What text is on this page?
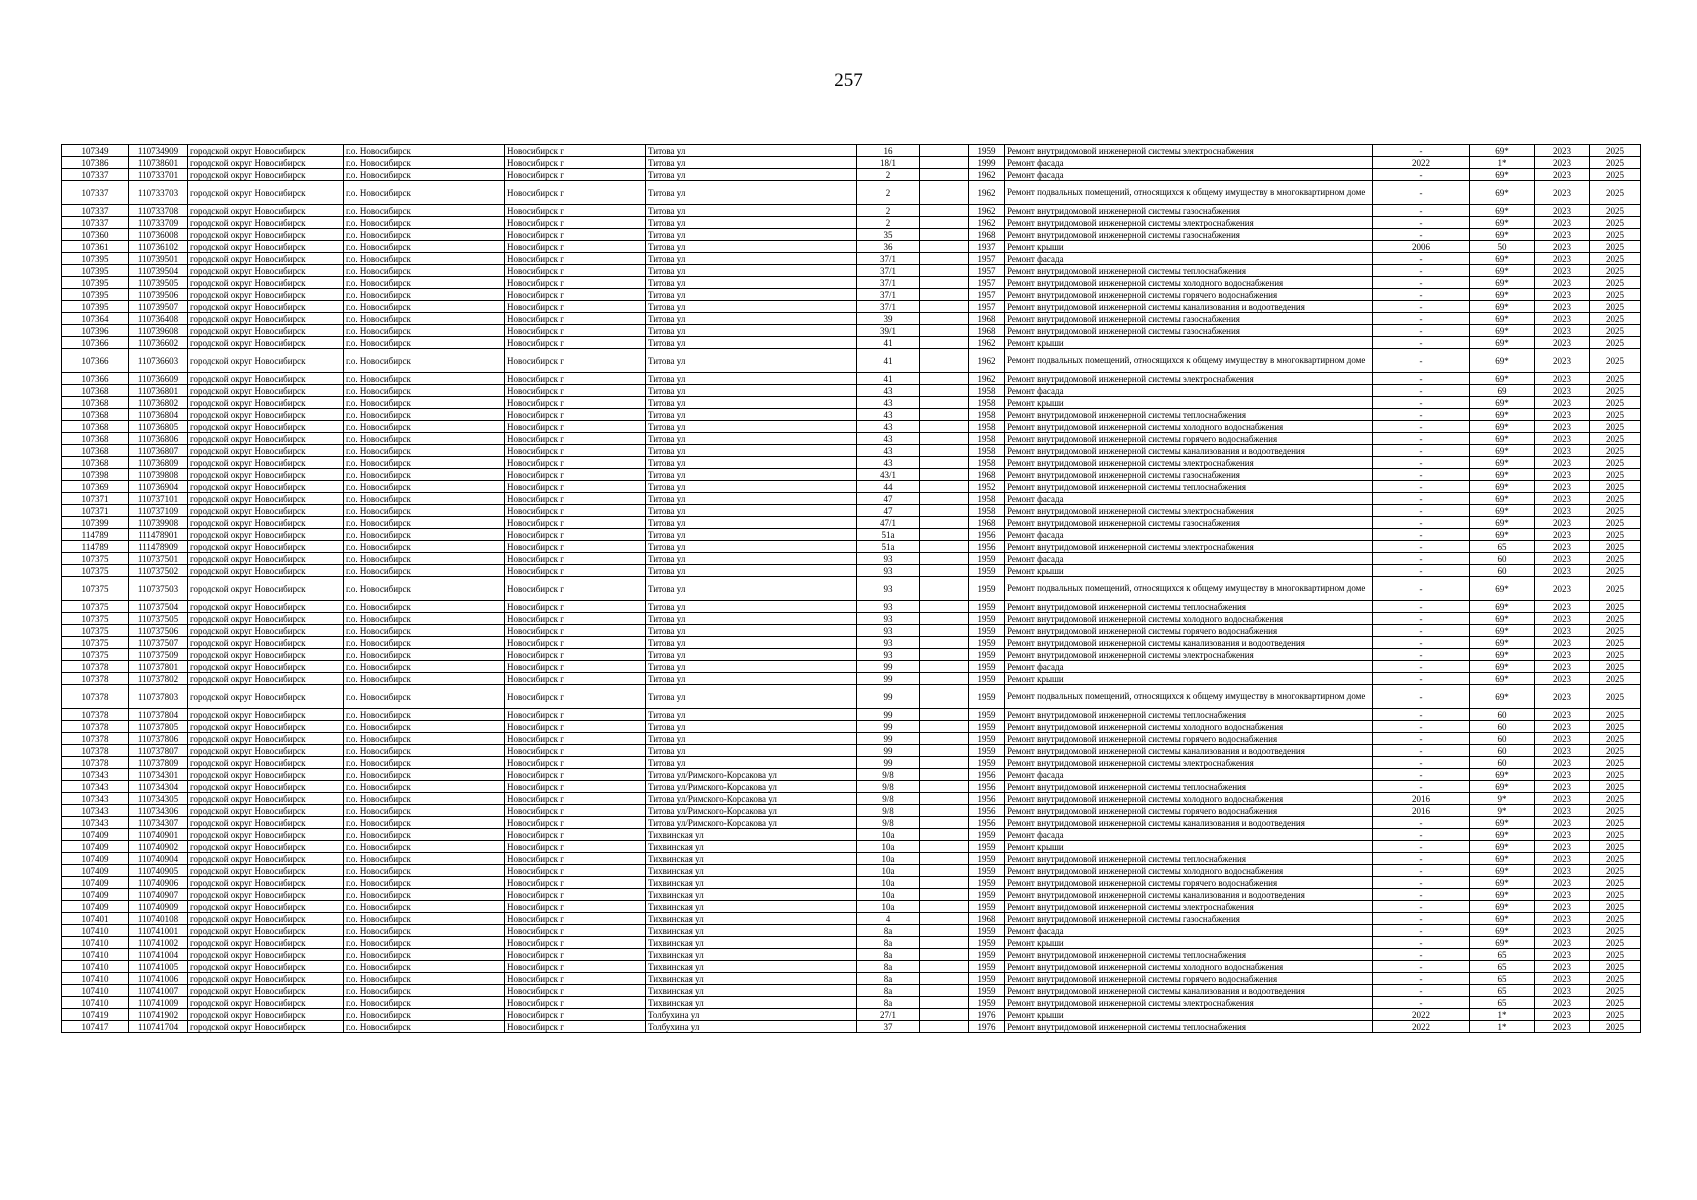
257
107349	110734909	городской округ Новосибирск	г.о. Новосибирск	Новосибирск г	Титова ул	16		1959	Ремонт внутридомовой инженерной системы электроснабжения	-	69*	2023	2025
107386	110738601	городской округ Новосибирск	г.о. Новосибирск	Новосибирск г	Титова ул	18/1		1999	Ремонт фасада	2022	1*	2023	2025
107337	110733701	городской округ Новосибирск	г.о. Новосибирск	Новосибирск г	Титова ул	2		1962	Ремонт фасада	-	69*	2023	2025
107337	110733703	городской округ Новосибирск	г.о. Новосибирск	Новосибирск г	Титова ул	2		1962	Ремонт подвальных помещений, относящихся к общему имуществу в многоквартирном доме	-	69*	2023	2025
107337	110733708	городской округ Новосибирск	г.о. Новосибирск	Новосибирск г	Титова ул	2		1962	Ремонт внутридомовой инженерной системы газоснабжения	-	69*	2023	2025
107337	110733709	городской округ Новосибирск	г.о. Новосибирск	Новосибирск г	Титова ул	2		1962	Ремонт внутридомовой инженерной системы электроснабжения	-	69*	2023	2025
107360	110736008	городской округ Новосибирск	г.о. Новосибирск	Новосибирск г	Титова ул	35		1968	Ремонт внутридомовой инженерной системы газоснабжения	-	69*	2023	2025
107361	110736102	городской округ Новосибирск	г.о. Новосибирск	Новосибирск г	Титова ул	36		1937	Ремонт крыши	2006	50	2023	2025
107395	110739501	городской округ Новосибирск	г.о. Новосибирск	Новосибирск г	Титова ул	37/1		1957	Ремонт фасада	-	69*	2023	2025
107395	110739504	городской округ Новосибирск	г.о. Новосибирск	Новосибирск г	Титова ул	37/1		1957	Ремонт внутридомовой инженерной системы теплоснабжения	-	69*	2023	2025
107395	110739505	городской округ Новосибирск	г.о. Новосибирск	Новосибирск г	Титова ул	37/1		1957	Ремонт внутридомовой инженерной системы холодного водоснабжения	-	69*	2023	2025
107395	110739506	городской округ Новосибирск	г.о. Новосибирск	Новосибирск г	Титова ул	37/1		1957	Ремонт внутридомовой инженерной системы горячего водоснабжения	-	69*	2023	2025
107395	110739507	городской округ Новосибирск	г.о. Новосибирск	Новосибирск г	Титова ул	37/1		1957	Ремонт внутридомовой инженерной системы канализования и водоотведения	-	69*	2023	2025
107364	110736408	городской округ Новосибирск	г.о. Новосибирск	Новосибирск г	Титова ул	39		1968	Ремонт внутридомовой инженерной системы газоснабжения	-	69*	2023	2025
107396	110739608	городской округ Новосибирск	г.о. Новосибирск	Новосибирск г	Титова ул	39/1		1968	Ремонт внутридомовой инженерной системы газоснабжения	-	69*	2023	2025
107366	110736602	городской округ Новосибирск	г.о. Новосибирск	Новосибирск г	Титова ул	41		1962	Ремонт крыши	-	69*	2023	2025
107366	110736603	городской округ Новосибирск	г.о. Новосибирск	Новосибирск г	Титова ул	41		1962	Ремонт подвальных помещений, относящихся к общему имуществу в многоквартирном доме	-	69*	2023	2025
107366	110736609	городской округ Новосибирск	г.о. Новосибирск	Новосибирск г	Титова ул	41		1962	Ремонт внутридомовой инженерной системы электроснабжения	-	69*	2023	2025
107368	110736801	городской округ Новосибирск	г.о. Новосибирск	Новосибирск г	Титова ул	43		1958	Ремонт фасада	-	69	2023	2025
107368	110736802	городской округ Новосибирск	г.о. Новосибирск	Новосибирск г	Титова ул	43		1958	Ремонт крыши	-	69*	2023	2025
107368	110736804	городской округ Новосибирск	г.о. Новосибирск	Новосибирск г	Титова ул	43		1958	Ремонт внутридомовой инженерной системы теплоснабжения	-	69*	2023	2025
107368	110736805	городской округ Новосибирск	г.о. Новосибирск	Новосибирск г	Титова ул	43		1958	Ремонт внутридомовой инженерной системы холодного водоснабжения	-	69*	2023	2025
107368	110736806	городской округ Новосибирск	г.о. Новосибирск	Новосибирск г	Титова ул	43		1958	Ремонт внутридомовой инженерной системы горячего водоснабжения	-	69*	2023	2025
107368	110736807	городской округ Новосибирск	г.о. Новосибирск	Новосибирск г	Титова ул	43		1958	Ремонт внутридомовой инженерной системы канализования и водоотведения	-	69*	2023	2025
107368	110736809	городской округ Новосибирск	г.о. Новосибирск	Новосибирск г	Титова ул	43		1958	Ремонт внутридомовой инженерной системы электроснабжения	-	69*	2023	2025
107398	110739808	городской округ Новосибирск	г.о. Новосибирск	Новосибирск г	Титова ул	43/1		1968	Ремонт внутридомовой инженерной системы газоснабжения	-	69*	2023	2025
107369	110736904	городской округ Новосибирск	г.о. Новосибирск	Новосибирск г	Титова ул	44		1952	Ремонт внутридомовой инженерной системы теплоснабжения	-	69*	2023	2025
107371	110737101	городской округ Новосибирск	г.о. Новосибирск	Новосибирск г	Титова ул	47		1958	Ремонт фасада	-	69*	2023	2025
107371	110737109	городской округ Новосибирск	г.о. Новосибирск	Новосибирск г	Титова ул	47		1958	Ремонт внутридомовой инженерной системы электроснабжения	-	69*	2023	2025
107399	110739908	городской округ Новосибирск	г.о. Новосибирск	Новосибирск г	Титова ул	47/1		1968	Ремонт внутридомовой инженерной системы газоснабжения	-	69*	2023	2025
114789	111478901	городской округ Новосибирск	г.о. Новосибирск	Новосибирск г	Титова ул	51а		1956	Ремонт фасада	-	69*	2023	2025
114789	111478909	городской округ Новосибирск	г.о. Новосибирск	Новосибирск г	Титова ул	51а		1956	Ремонт внутридомовой инженерной системы электроснабжения	-	65	2023	2025
107375	110737501	городской округ Новосибирск	г.о. Новосибирск	Новосибирск г	Титова ул	93		1959	Ремонт фасада	-	60	2023	2025
107375	110737502	городской округ Новосибирск	г.о. Новосибирск	Новосибирск г	Титова ул	93		1959	Ремонт крыши	-	60	2023	2025
107375	110737503	городской округ Новосибирск	г.о. Новосибирск	Новосибирск г	Титова ул	93		1959	Ремонт подвальных помещений, относящихся к общему имуществу в многоквартирном доме	-	69*	2023	2025
107375	110737504	городской округ Новосибирск	г.о. Новосибирск	Новосибирск г	Титова ул	93		1959	Ремонт внутридомовой инженерной системы теплоснабжения	-	69*	2023	2025
107375	110737505	городской округ Новосибирск	г.о. Новосибирск	Новосибирск г	Титова ул	93		1959	Ремонт внутридомовой инженерной системы холодного водоснабжения	-	69*	2023	2025
107375	110737506	городской округ Новосибирск	г.о. Новосибирск	Новосибирск г	Титова ул	93		1959	Ремонт внутридомовой инженерной системы горячего водоснабжения	-	69*	2023	2025
107375	110737507	городской округ Новосибирск	г.о. Новосибирск	Новосибирск г	Титова ул	93		1959	Ремонт внутридомовой инженерной системы канализования и водоотведения	-	69*	2023	2025
107375	110737509	городской округ Новосибирск	г.о. Новосибирск	Новосибирск г	Титова ул	93		1959	Ремонт внутридомовой инженерной системы электроснабжения	-	69*	2023	2025
107378	110737801	городской округ Новосибирск	г.о. Новосибирск	Новосибирск г	Титова ул	99		1959	Ремонт фасада	-	69*	2023	2025
107378	110737802	городской округ Новосибирск	г.о. Новосибирск	Новосибирск г	Титова ул	99		1959	Ремонт крыши	-	69*	2023	2025
107378	110737803	городской округ Новосибирск	г.о. Новосибирск	Новосибирск г	Титова ул	99		1959	Ремонт подвальных помещений, относящихся к общему имуществу в многоквартирном доме	-	69*	2023	2025
107378	110737804	городской округ Новосибирск	г.о. Новосибирск	Новосибирск г	Титова ул	99		1959	Ремонт внутридомовой инженерной системы теплоснабжения	-	60	2023	2025
107378	110737805	городской округ Новосибирск	г.о. Новосибирск	Новосибирск г	Титова ул	99		1959	Ремонт внутридомовой инженерной системы холодного водоснабжения	-	60	2023	2025
107378	110737806	городской округ Новосибирск	г.о. Новосибирск	Новосибирск г	Титова ул	99		1959	Ремонт внутридомовой инженерной системы горячего водоснабжения	-	60	2023	2025
107378	110737807	городской округ Новосибирск	г.о. Новосибирск	Новосибирск г	Титова ул	99		1959	Ремонт внутридомовой инженерной системы канализования и водоотведения	-	60	2023	2025
107378	110737809	городской округ Новосибирск	г.о. Новосибирск	Новосибирск г	Титова ул	99		1959	Ремонт внутридомовой инженерной системы электроснабжения	-	60	2023	2025
107343	110734301	городской округ Новосибирск	г.о. Новосибирск	Новосибирск г	Титова ул/Римского-Корсакова ул	9/8		1956	Ремонт фасада	-	69*	2023	2025
107343	110734304	городской округ Новосибирск	г.о. Новосибирск	Новосибирск г	Титова ул/Римского-Корсакова ул	9/8		1956	Ремонт внутридомовой инженерной системы теплоснабжения	-	69*	2023	2025
107343	110734305	городской округ Новосибирск	г.о. Новосибирск	Новосибирск г	Титова ул/Римского-Корсакова ул	9/8		1956	Ремонт внутридомовой инженерной системы холодного водоснабжения	2016	9*	2023	2025
107343	110734306	городской округ Новосибирск	г.о. Новосибирск	Новосибирск г	Титова ул/Римского-Корсакова ул	9/8		1956	Ремонт внутридомовой инженерной системы горячего водоснабжения	2016	9*	2023	2025
107343	110734307	городской округ Новосибирск	г.о. Новосибирск	Новосибирск г	Титова ул/Римского-Корсакова ул	9/8		1956	Ремонт внутридомовой инженерной системы канализования и водоотведения	-	69*	2023	2025
107409	110740901	городской округ Новосибирск	г.о. Новосибирск	Новосибирск г	Тихвинская ул	10а		1959	Ремонт фасада	-	69*	2023	2025
107409	110740902	городской округ Новосибирск	г.о. Новосибирск	Новосибирск г	Тихвинская ул	10а		1959	Ремонт крыши	-	69*	2023	2025
107409	110740904	городской округ Новосибирск	г.о. Новосибирск	Новосибирск г	Тихвинская ул	10а		1959	Ремонт внутридомовой инженерной системы теплоснабжения	-	69*	2023	2025
107409	110740905	городской округ Новосибирск	г.о. Новосибирск	Новосибирск г	Тихвинская ул	10а		1959	Ремонт внутридомовой инженерной системы холодного водоснабжения	-	69*	2023	2025
107409	110740906	городской округ Новосибирск	г.о. Новосибирск	Новосибирск г	Тихвинская ул	10а		1959	Ремонт внутридомовой инженерной системы горячего водоснабжения	-	69*	2023	2025
107409	110740907	городской округ Новосибирск	г.о. Новосибирск	Новосибирск г	Тихвинская ул	10а		1959	Ремонт внутридомовой инженерной системы канализования и водоотведения	-	69*	2023	2025
107409	110740909	городской округ Новосибирск	г.о. Новосибирск	Новосибирск г	Тихвинская ул	10а		1959	Ремонт внутридомовой инженерной системы электроснабжения	-	69*	2023	2025
107401	110740108	городской округ Новосибирск	г.о. Новосибирск	Новосибирск г	Тихвинская ул	4		1968	Ремонт внутридомовой инженерной системы газоснабжения	-	69*	2023	2025
107410	110741001	городской округ Новосибирск	г.о. Новосибирск	Новосибирск г	Тихвинская ул	8а		1959	Ремонт фасада	-	69*	2023	2025
107410	110741002	городской округ Новосибирск	г.о. Новосибирск	Новосибирск г	Тихвинская ул	8а		1959	Ремонт крыши	-	69*	2023	2025
107410	110741004	городской округ Новосибирск	г.о. Новосибирск	Новосибирск г	Тихвинская ул	8а		1959	Ремонт внутридомовой инженерной системы теплоснабжения	-	65	2023	2025
107410	110741005	городской округ Новосибирск	г.о. Новосибирск	Новосибирск г	Тихвинская ул	8а		1959	Ремонт внутридомовой инженерной системы холодного водоснабжения	-	65	2023	2025
107410	110741006	городской округ Новосибирск	г.о. Новосибирск	Новосибирск г	Тихвинская ул	8а		1959	Ремонт внутридомовой инженерной системы горячего водоснабжения	-	65	2023	2025
107410	110741007	городской округ Новосибирск	г.о. Новосибирск	Новосибирск г	Тихвинская ул	8а		1959	Ремонт внутридомовой инженерной системы канализования и водоотведения	-	65	2023	2025
107410	110741009	городской округ Новосибирск	г.о. Новосибирск	Новосибирск г	Тихвинская ул	8а		1959	Ремонт внутридомовой инженерной системы электроснабжения	-	65	2023	2025
107419	110741902	городской округ Новосибирск	г.о. Новосибирск	Новосибирск г	Толбухина ул	27/1		1976	Ремонт крыши	2022	1*	2023	2025
107417	110741704	городской округ Новосибирск	г.о. Новосибирск	Новосибирск г	Толбухина ул	37		1976	Ремонт внутридомовой инженерной системы теплоснабжения	2022	1*	2023	2025
